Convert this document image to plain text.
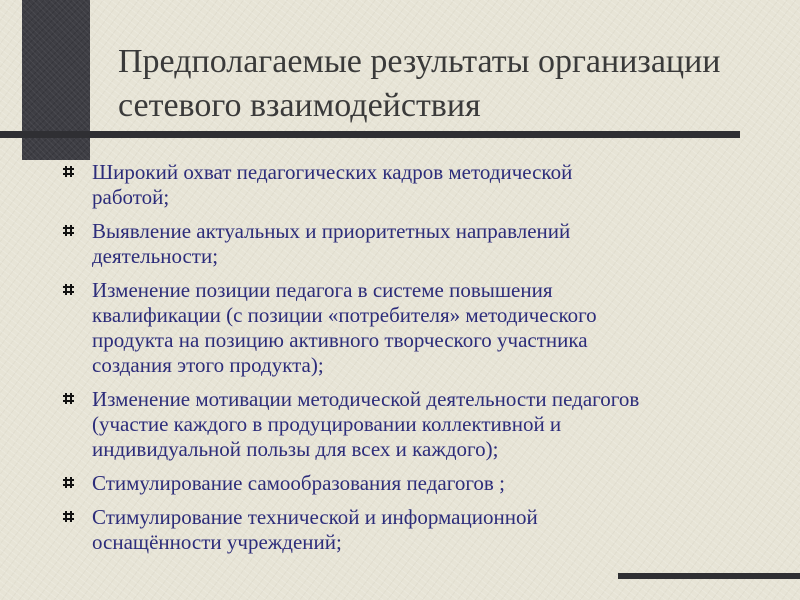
Предполагаемые результаты организации
сетевого взаимодействия
Широкий охват педагогических кадров методической
работой;
Выявление актуальных и приоритетных направлений
деятельности;
Изменение позиции педагога в системе повышения
квалификации (с позиции «потребителя» методического
продукта на позицию активного творческого участника
создания этого продукта);
Изменение мотивации методической деятельности педагогов
(участие каждого в продуцировании коллективной и
индивидуальной пользы для всех и каждого);
Стимулирование самообразования педагогов ;
Стимулирование технической и информационной
оснащённости учреждений;
